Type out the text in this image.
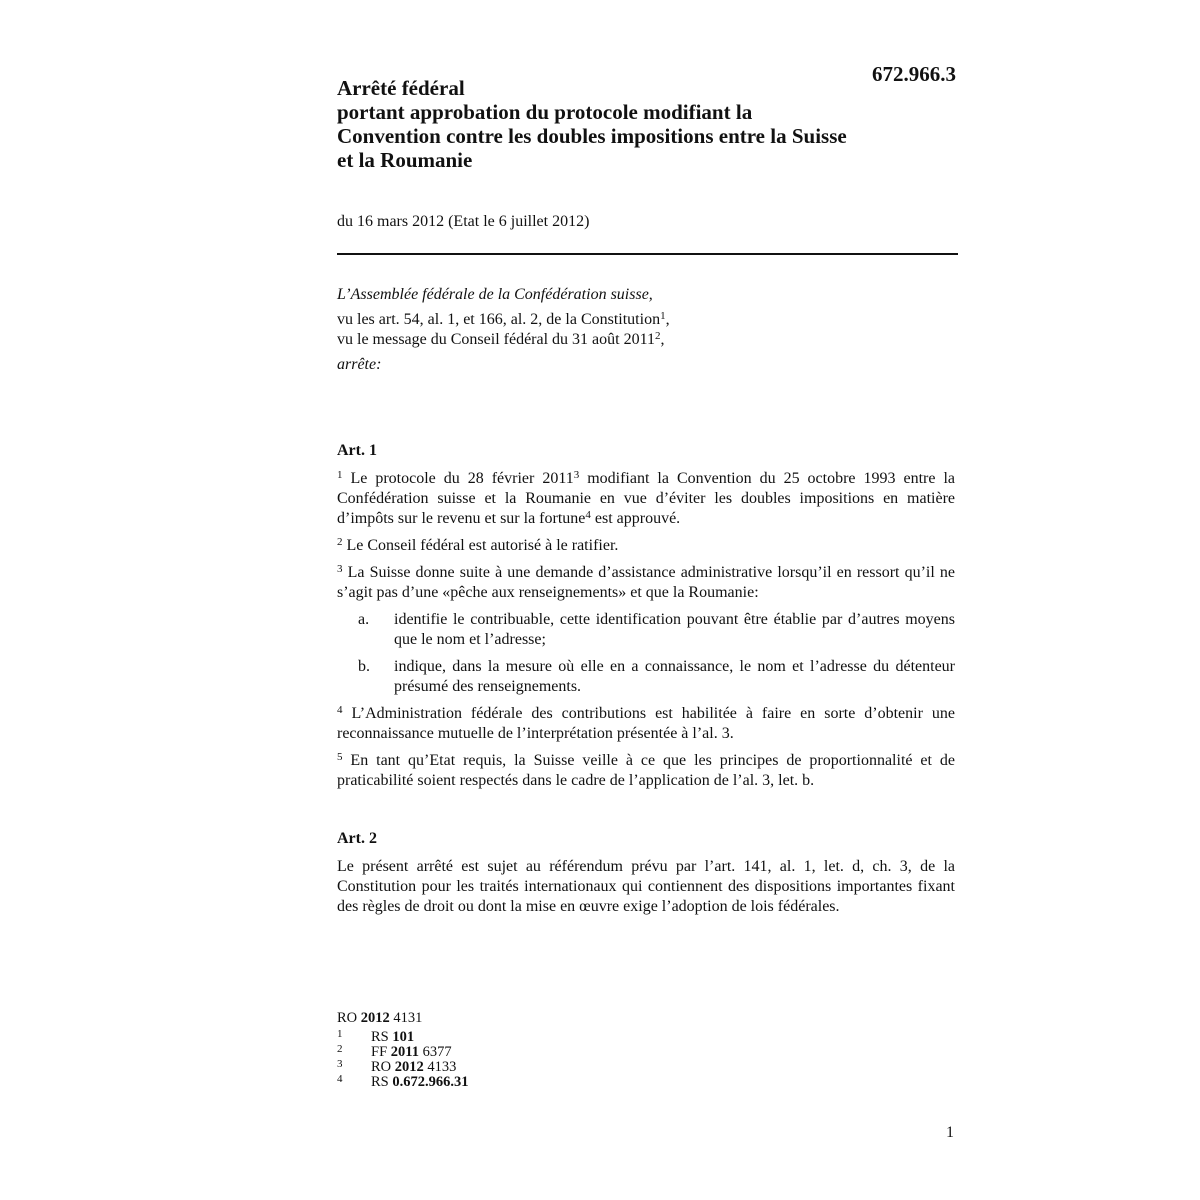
672.966.3
Arrêté fédéral
portant approbation du protocole modifiant la
Convention contre les doubles impositions entre la Suisse
et la Roumanie
du 16 mars 2012 (Etat le 6 juillet 2012)

L’Assemblée fédérale de la Confédération suisse,

vu les art. 54, al. 1, et 166, al. 2, de la Constitution$^1$,

vu le message du Conseil fédéral du 31 août 2011$^2$,

arrête:

Art. 1
$^1$ Le protocole du 28 février 2011$^3$ modifiant la Convention du 25 octobre 1993 entre la Confédération suisse et la Roumanie en vue d’éviter les doubles impositions en matière d’impôts sur le revenu et sur la fortune$^4$ est approuvé.
$^2$ Le Conseil fédéral est autorisé à le ratifier.
$^3$ La Suisse donne suite à une demande d’assistance administrative lorsqu’il en ressort qu’il ne s’agit pas d’une «pêche aux renseignements» et que la Roumanie:
a. identifie le contribuable, cette identification pouvant être établie par d’autres moyens que le nom et l’adresse;
b. indique, dans la mesure où elle en a connaissance, le nom et l’adresse du détenteur présumé des renseignements.
$^4$ L’Administration fédérale des contributions est habilitée à faire en sorte d’obtenir une reconnaissance mutuelle de l’interprétation présentée à l’al. 3.
$^5$ En tant qu’Etat requis, la Suisse veille à ce que les principes de proportionnalité et de praticabilité soient respectés dans le cadre de l’application de l’al. 3, let. b.
Art. 2
Le présent arrêté est sujet au référendum prévu par l’art. 141, al. 1, let. d, ch. 3, de la Constitution pour les traités internationaux qui contiennent des dispositions importantes fixant des règles de droit ou dont la mise en œuvre exige l’adoption de lois fédérales.
RO 2012 4131
1 RS 101
2 FF 2011 6377
3 RO 2012 4133
4 RS 0.672.966.31
1
